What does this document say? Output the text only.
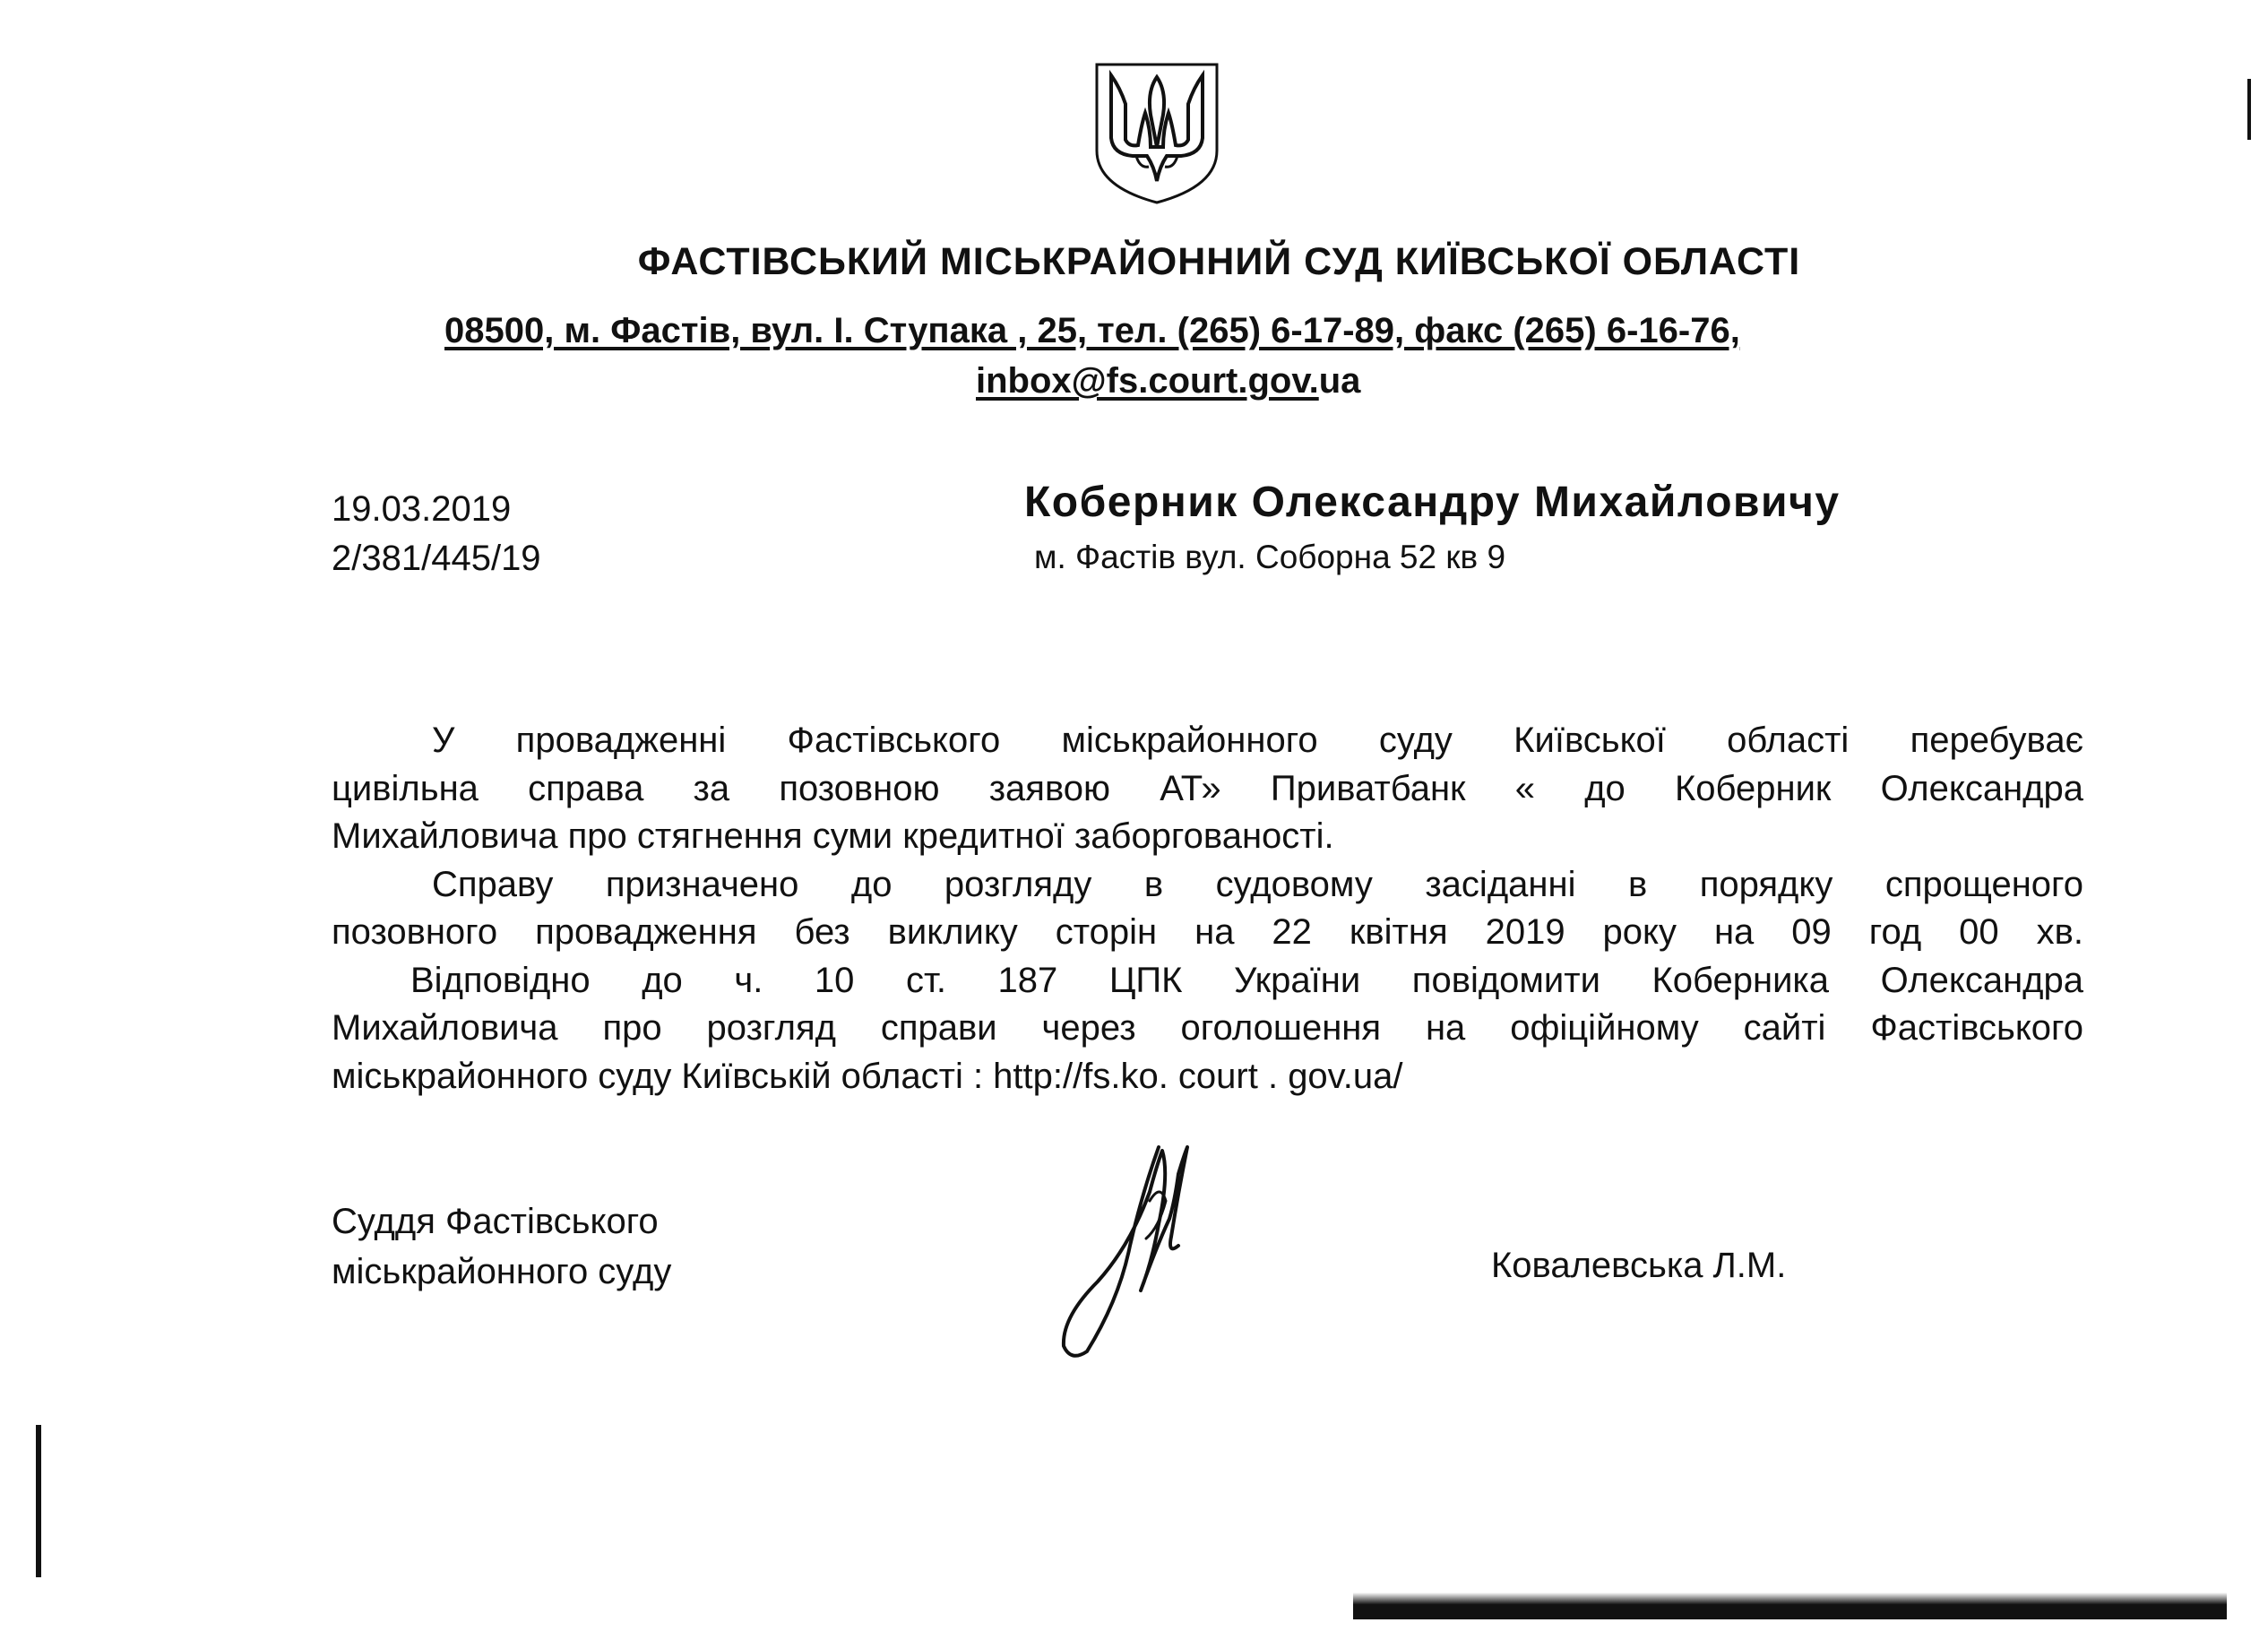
ФАСТІВСЬКИЙ МІСЬКРАЙОННИЙ СУД КИЇВСЬКОЇ ОБЛАСТІ
08500, м. Фастів, вул. І. Ступака , 25, тел. (265) 6-17-89, факс (265) 6-16-76,
inbox@fs.court.gov.ua
19.03.2019
2/381/445/19
Коберник Олександру Михайловичу
м. Фастів вул. Соборна 52 кв 9
У провадженні Фастівського міськрайонного суду Київської області перебуває
цивільна справа за позовною заявою АТ» Приватбанк « до Коберник Олександра
Михайловича про стягнення суми кредитної заборгованості.
Справу призначено до розгляду в судовому засіданні в порядку спрощеного
позовного провадження без виклику сторін на 22 квітня 2019 року на 09 год 00 хв.
Відповідно до ч. 10 ст. 187 ЦПК України повідомити Коберника Олександра
Михайловича про розгляд справи через оголошення на офіційному сайті Фастівського
міськрайонного суду Київській області : http://fs.ko. court . gov.ua/
Суддя Фастівського
міськрайонного суду	Ковалевська Л.М.
